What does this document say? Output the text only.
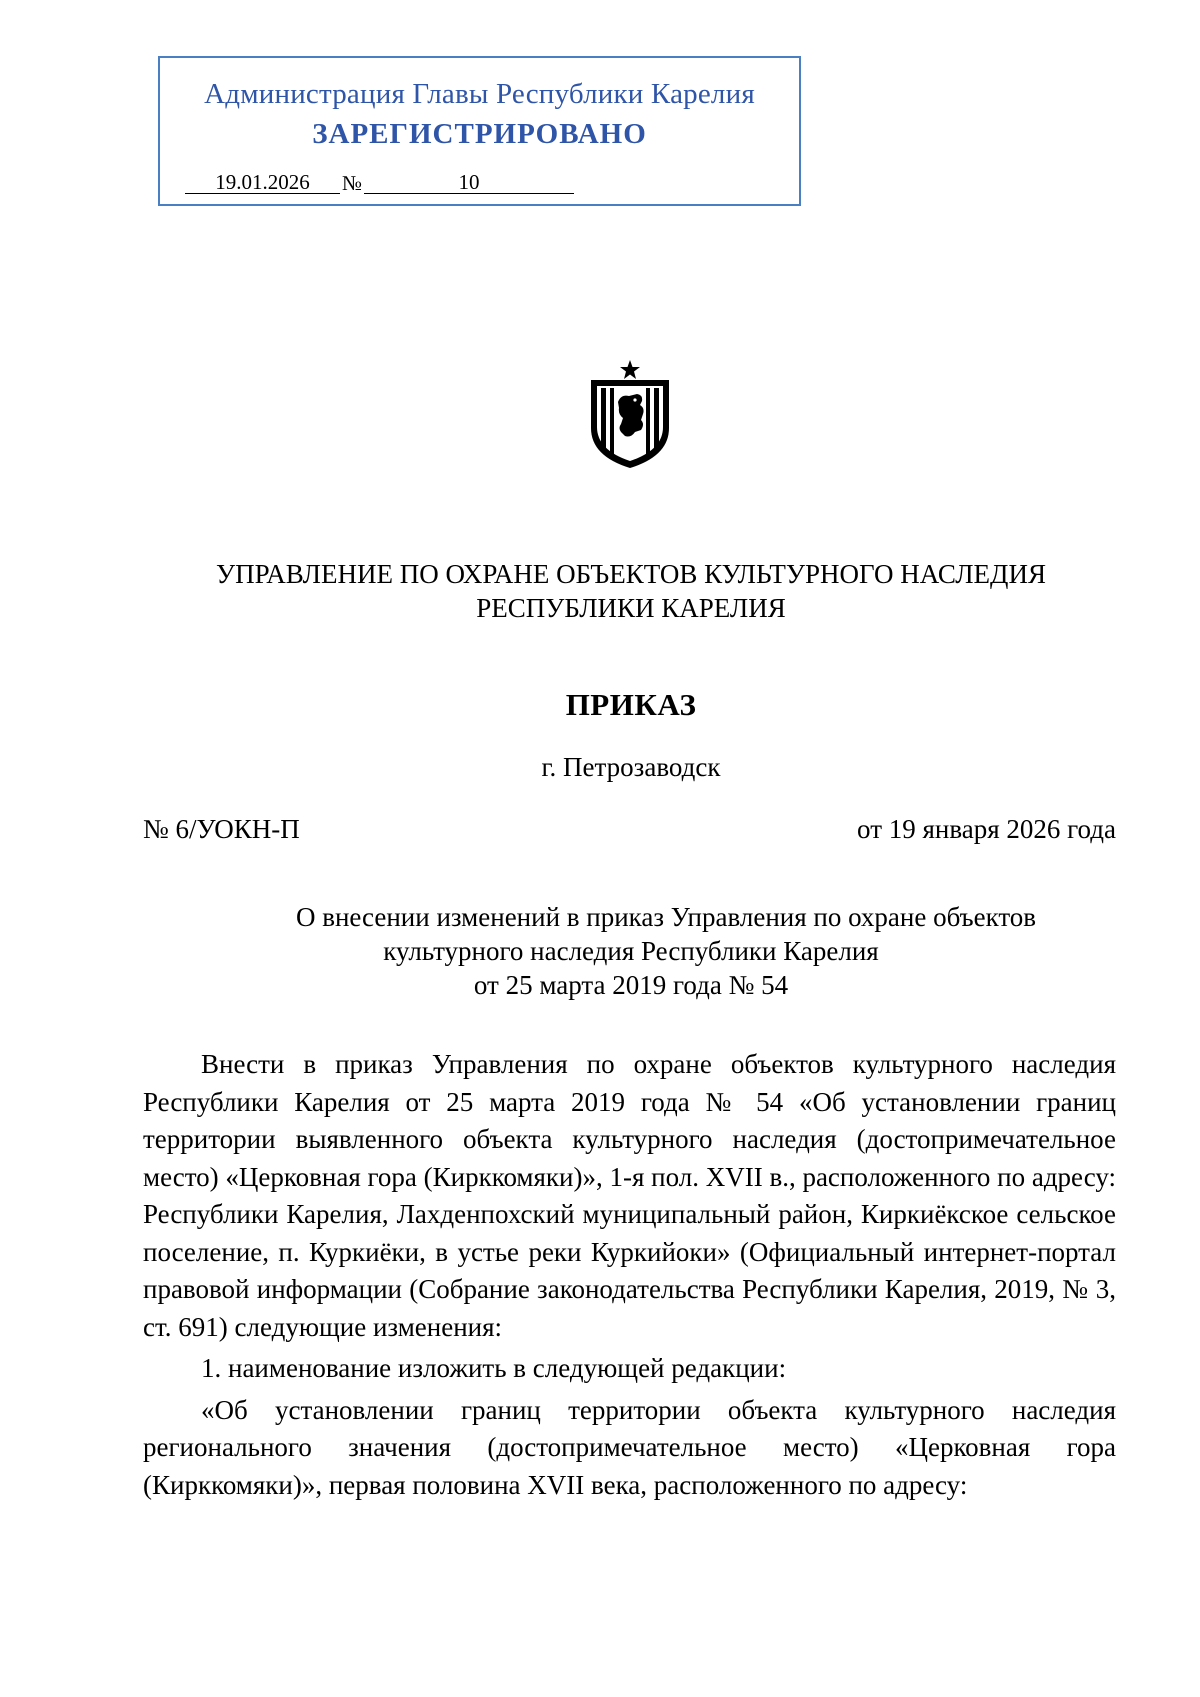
Администрация Главы Республики Карелия
ЗАРЕГИСТРИРОВАНО
19.01.2026	№	10
УПРАВЛЕНИЕ ПО ОХРАНЕ ОБЪЕКТОВ КУЛЬТУРНОГО НАСЛЕДИЯ
РЕСПУБЛИКИ КАРЕЛИЯ
ПРИКАЗ
г. Петрозаводск
№ 6/УОКН-П	от 19 января 2026 года
О внесении изменений в приказ Управления по охране объектов
культурного наследия Республики Карелия
от 25 марта 2019 года № 54

Внести в приказ Управления по охране объектов культурного наследия Республики Карелия от 25 марта 2019 года № 54 «Об установлении границ территории выявленного объекта культурного наследия (достопримечательное место) «Церковная гора (Кирккомяки)», 1-я пол. XVII в., расположенного по адресу: Республики Карелия, Лахденпохский муниципальный район, Киркиёкское сельское поселение, п. Куркиёки, в устье реки Куркийоки» (Официальный интернет-портал правовой информации (Собрание законодательства Республики Карелия, 2019, № 3, ст. 691) следующие изменения:

1. наименование изложить в следующей редакции:

«Об установлении границ территории объекта культурного наследия регионального значения (достопримечательное место) «Церковная гора (Кирккомяки)», первая половина XVII века, расположенного по адресу:
